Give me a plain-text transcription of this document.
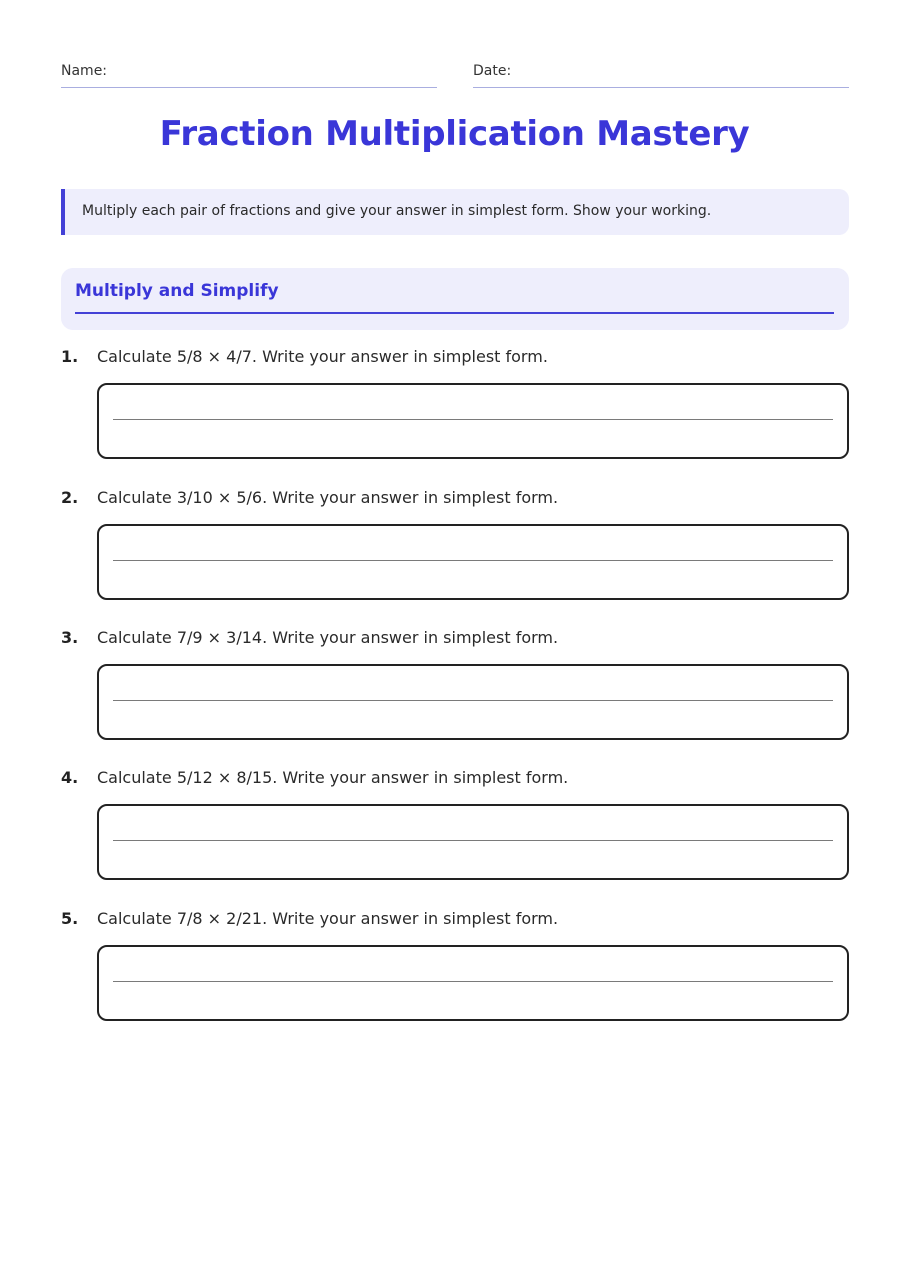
Name:	Date:
Fraction Multiplication Mastery
Multiply each pair of fractions and give your answer in simplest form. Show your working.
Multiply and Simplify
1.	Calculate 5/8 × 4/7. Write your answer in simplest form.
2.	Calculate 3/10 × 5/6. Write your answer in simplest form.
3.	Calculate 7/9 × 3/14. Write your answer in simplest form.
4.	Calculate 5/12 × 8/15. Write your answer in simplest form.
5.	Calculate 7/8 × 2/21. Write your answer in simplest form.
